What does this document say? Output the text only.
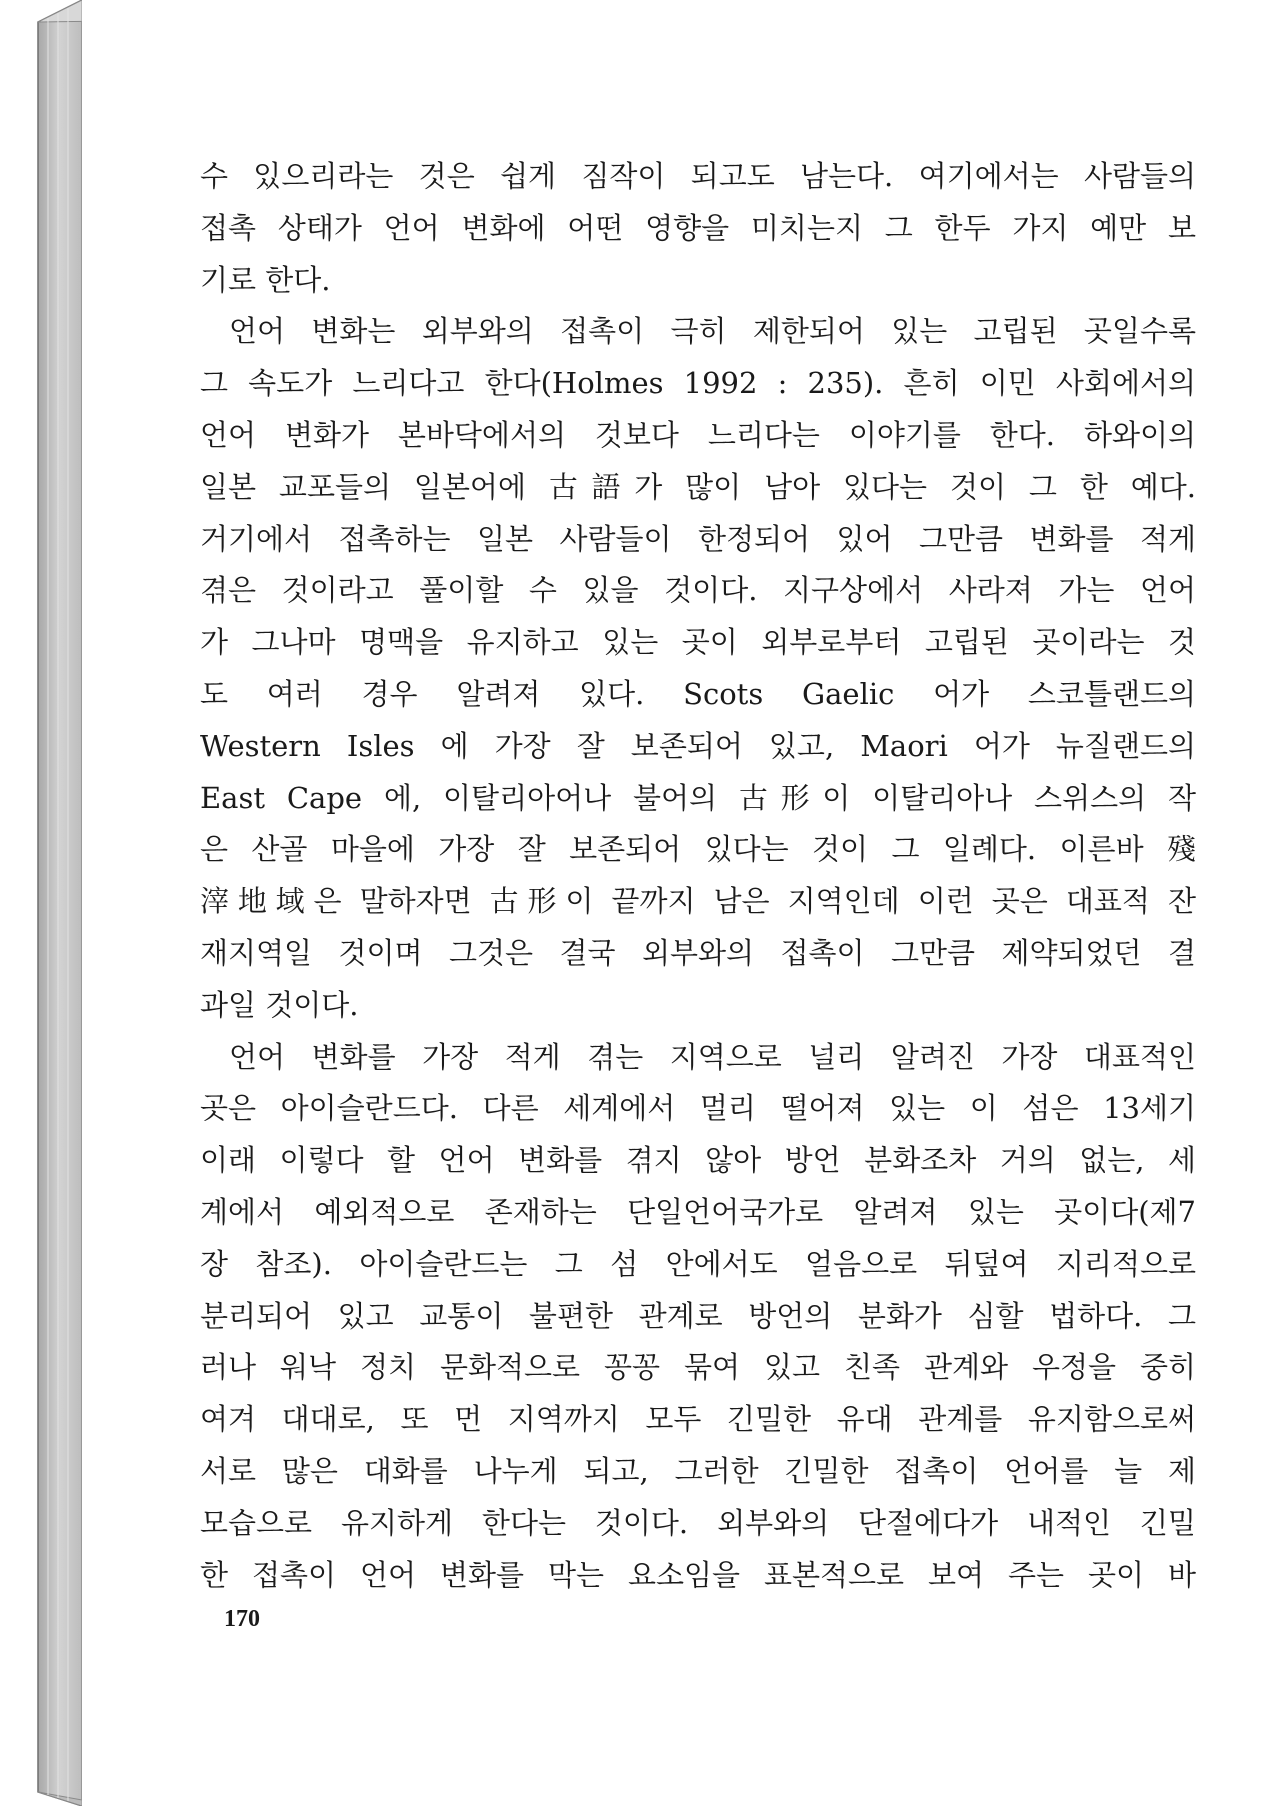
수 있으리라는 것은 쉽게 짐작이 되고도 남는다. 여기에서는 사람들의
접촉 상태가 언어 변화에 어떤 영향을 미치는지 그 한두 가지 예만 보
기로 한다.
언어 변화는 외부와의 접촉이 극히 제한되어 있는 고립된 곳일수록
그 속도가 느리다고 한다(Holmes 1992 : 235). 흔히 이민 사회에서의
언어 변화가 본바닥에서의 것보다 느리다는 이야기를 한다. 하와이의
일본 교포들의 일본어에 古語가 많이 남아 있다는 것이 그 한 예다.
거기에서 접촉하는 일본 사람들이 한정되어 있어 그만큼 변화를 적게
겪은 것이라고 풀이할 수 있을 것이다. 지구상에서 사라져 가는 언어
가 그나마 명맥을 유지하고 있는 곳이 외부로부터 고립된 곳이라는 것
도 여러 경우 알려져 있다. Scots Gaelic 어가 스코틀랜드의
Western Isles 에 가장 잘 보존되어 있고, Maori 어가 뉴질랜드의
East Cape 에, 이탈리아어나 불어의 古形이 이탈리아나 스위스의 작
은 산골 마을에 가장 잘 보존되어 있다는 것이 그 일례다. 이른바 殘
滓地域은 말하자면 古形이 끝까지 남은 지역인데 이런 곳은 대표적 잔
재지역일 것이며 그것은 결국 외부와의 접촉이 그만큼 제약되었던 결
과일 것이다.
언어 변화를 가장 적게 겪는 지역으로 널리 알려진 가장 대표적인
곳은 아이슬란드다. 다른 세계에서 멀리 떨어져 있는 이 섬은 13세기
이래 이렇다 할 언어 변화를 겪지 않아 방언 분화조차 거의 없는, 세
계에서 예외적으로 존재하는 단일언어국가로 알려져 있는 곳이다(제7
장 참조). 아이슬란드는 그 섬 안에서도 얼음으로 뒤덮여 지리적으로
분리되어 있고 교통이 불편한 관계로 방언의 분화가 심할 법하다. 그
러나 워낙 정치 문화적으로 꽁꽁 묶여 있고 친족 관계와 우정을 중히
여겨 대대로, 또 먼 지역까지 모두 긴밀한 유대 관계를 유지함으로써
서로 많은 대화를 나누게 되고, 그러한 긴밀한 접촉이 언어를 늘 제
모습으로 유지하게 한다는 것이다. 외부와의 단절에다가 내적인 긴밀
한 접촉이 언어 변화를 막는 요소임을 표본적으로 보여 주는 곳이 바
170
